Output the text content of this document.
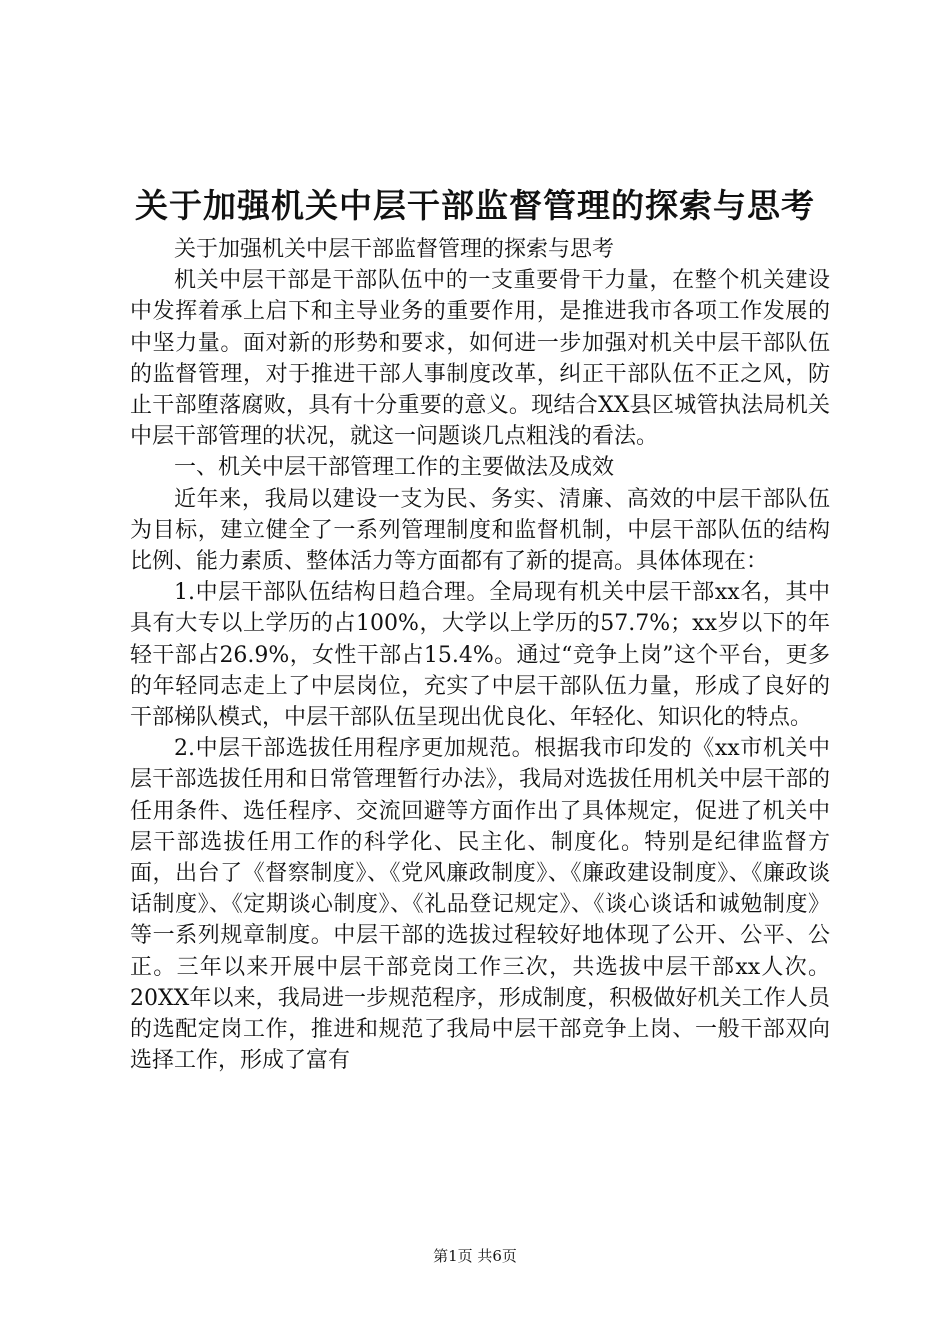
关于加强机关中层干部监督管理的探索与思考

关于加强机关中层干部监督管理的探索与思考

机关中层干部是干部队伍中的一支重要骨干力量，在整个机关建设中发挥着承上启下和主导业务的重要作用，是推进我市各项工作发展的中坚力量。面对新的形势和要求，如何进一步加强对机关中层干部队伍的监督管理，对于推进干部人事制度改革，纠正干部队伍不正之风，防止干部堕落腐败，具有十分重要的意义。现结合XX县区城管执法局机关中层干部管理的状况，就这一问题谈几点粗浅的看法。

一、机关中层干部管理工作的主要做法及成效

近年来，我局以建设一支为民、务实、清廉、高效的中层干部队伍为目标，建立健全了一系列管理制度和监督机制，中层干部队伍的结构比例、能力素质、整体活力等方面都有了新的提高。具体体现在：

1.中层干部队伍结构日趋合理。全局现有机关中层干部xx名，其中具有大专以上学历的占100%，大学以上学历的57.7%；xx岁以下的年轻干部占26.9%，女性干部占15.4%。通过“竞争上岗”这个平台，更多的年轻同志走上了中层岗位，充实了中层干部队伍力量，形成了良好的干部梯队模式，中层干部队伍呈现出优良化、年轻化、知识化的特点。

2.中层干部选拔任用程序更加规范。根据我市印发的《xx市机关中层干部选拔任用和日常管理暂行办法》，我局对选拔任用机关中层干部的任用条件、选任程序、交流回避等方面作出了具体规定，促进了机关中层干部选拔任用工作的科学化、民主化、制度化。特别是纪律监督方面，出台了《督察制度》、《党风廉政制度》、《廉政建设制度》、《廉政谈话制度》、《定期谈心制度》、《礼品登记规定》、《谈心谈话和诚勉制度》等一系列规章制度。中层干部的选拔过程较好地体现了公开、公平、公正。三年以来开展中层干部竞岗工作三次，共选拔中层干部xx人次。20XX年以来，我局进一步规范程序，形成制度，积极做好机关工作人员的选配定岗工作，推进和规范了我局中层干部竞争上岗、一般干部双向选择工作，形成了富有

第1页 共6页
